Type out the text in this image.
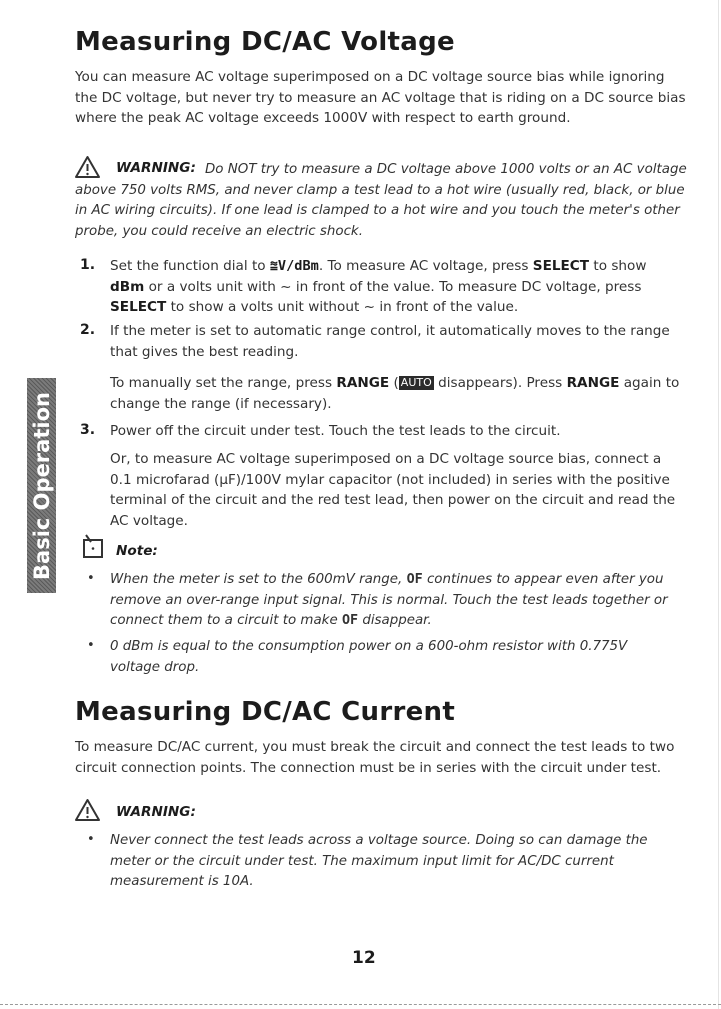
Basic Operation
Measuring DC/AC Voltage

You can measure AC voltage superimposed on a DC voltage source bias while ignoring the DC voltage, but never try to measure an AC voltage that is riding on a DC source bias where the peak AC voltage exceeds 1000V with respect to earth ground.

WARNING: Do NOT try to measure a DC voltage above 1000 volts or an AC voltage above 750 volts RMS, and never clamp a test lead to a hot wire (usually red, black, or blue in AC wiring circuits). If one lead is clamped to a hot wire and you touch the meter's other probe, you could receive an electric shock.

1. Set the function dial to ⩰V/dBm. To measure AC voltage, press SELECT to show dBm or a volts unit with ~ in front of the value. To measure DC voltage, press SELECT to show a volts unit without ~ in front of the value.

2. If the meter is set to automatic range control, it automatically moves to the range that gives the best reading.

To manually set the range, press RANGE ( AUTO disappears). Press RANGE again to change the range (if necessary).

3. Power off the circuit under test. Touch the test leads to the circuit.

Or, to measure AC voltage superimposed on a DC voltage source bias, connect a 0.1 microfarad (µF)/100V mylar capacitor (not included) in series with the positive terminal of the circuit and the red test lead, then power on the circuit and read the AC voltage.

Note:
• When the meter is set to the 600mV range, OF continues to appear even after you remove an over-range input signal. This is normal. Touch the test leads together or connect them to a circuit to make OF disappear.

• 0 dBm is equal to the consumption power on a 600-ohm resistor with 0.775V voltage drop.

Measuring DC/AC Current

To measure DC/AC current, you must break the circuit and connect the test leads to two circuit connection points. The connection must be in series with the circuit under test.

WARNING:
• Never connect the test leads across a voltage source. Doing so can damage the meter or the circuit under test. The maximum input limit for AC/DC current measurement is 10A.

12
